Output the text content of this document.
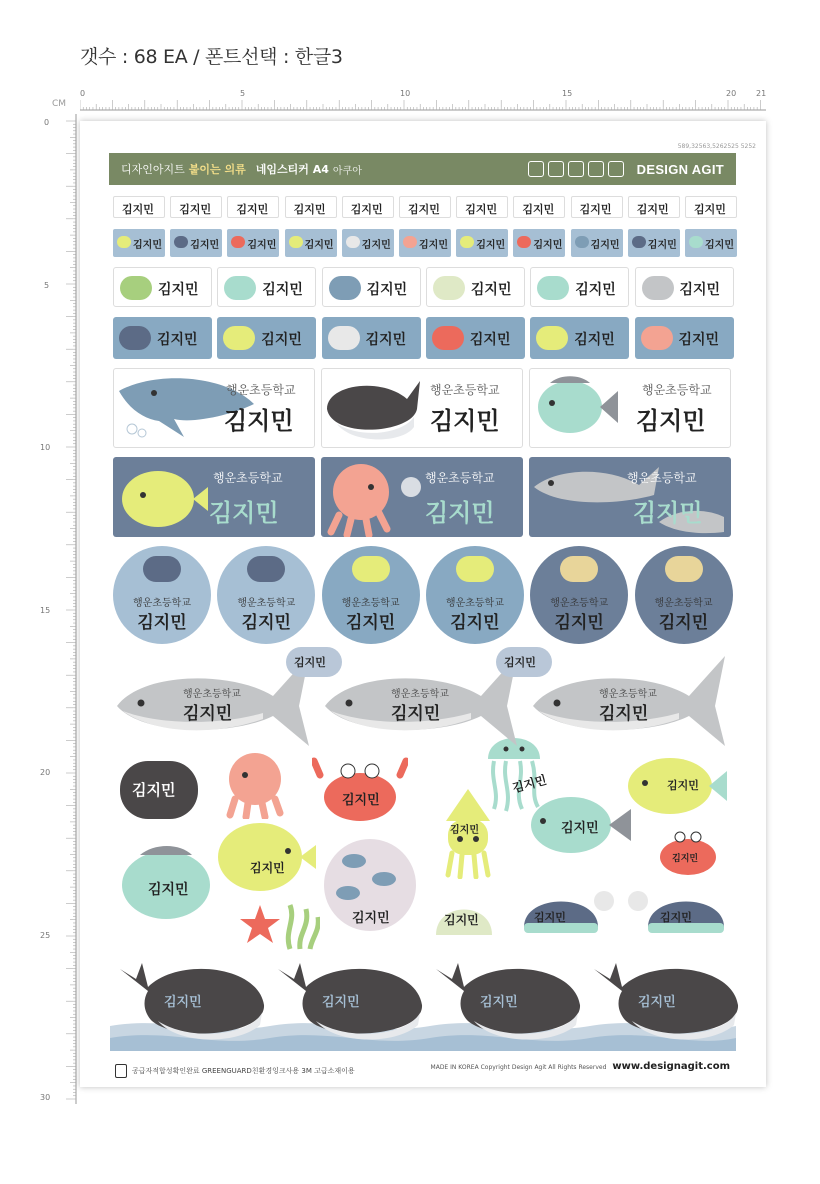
갯수 : 68 EA / 폰트선택 : 한글3
0	5	10	15	20 21
CM
0
5
10
15
20
25
30
589,32563,5262525 5252
디자인아지트 붙이는 의류 네임스티커 A4 아쿠아	DESIGN AGIT
행운초등학교
김지민
행운초등학교
김지민
행운초등학교
김지민
행운초등학교
김지민
행운초등학교
김지민
행운초등학교
김지민
김지민
김지민
김지민	김지민
김지민	김지민
김지민
김지민
김지민
김지민
김지민	김지민	김지민
공급자적합성확인완료 GREENGUARD친환경잉크사용 3M 고급소재이용	MADE IN KOREA Copyright Design Agit All Rights Reserved www.designagit.com
김지민 김지민 김지민 김지민 김지민 김지민 김지민 김지민 김지민 김지민 김지민
김지민	김지민	김지민	김지민	김지민	김지민	김지민	김지민	김지민	김지민	김지민
김지민	김지민	김지민	김지민	김지민	김지민
김지민	김지민	김지민	김지민	김지민	김지민
행운초등학교
김지민
행운초등학교
김지민
행운초등학교
김지민
행운초등학교
김지민
행운초등학교
김지민
행운초등학교
김지민
행운초등학교
김지민
행운초등학교
김지민
행운초등학교
김지민
김지민	김지민
김지민	김지민	김지민	김지민
